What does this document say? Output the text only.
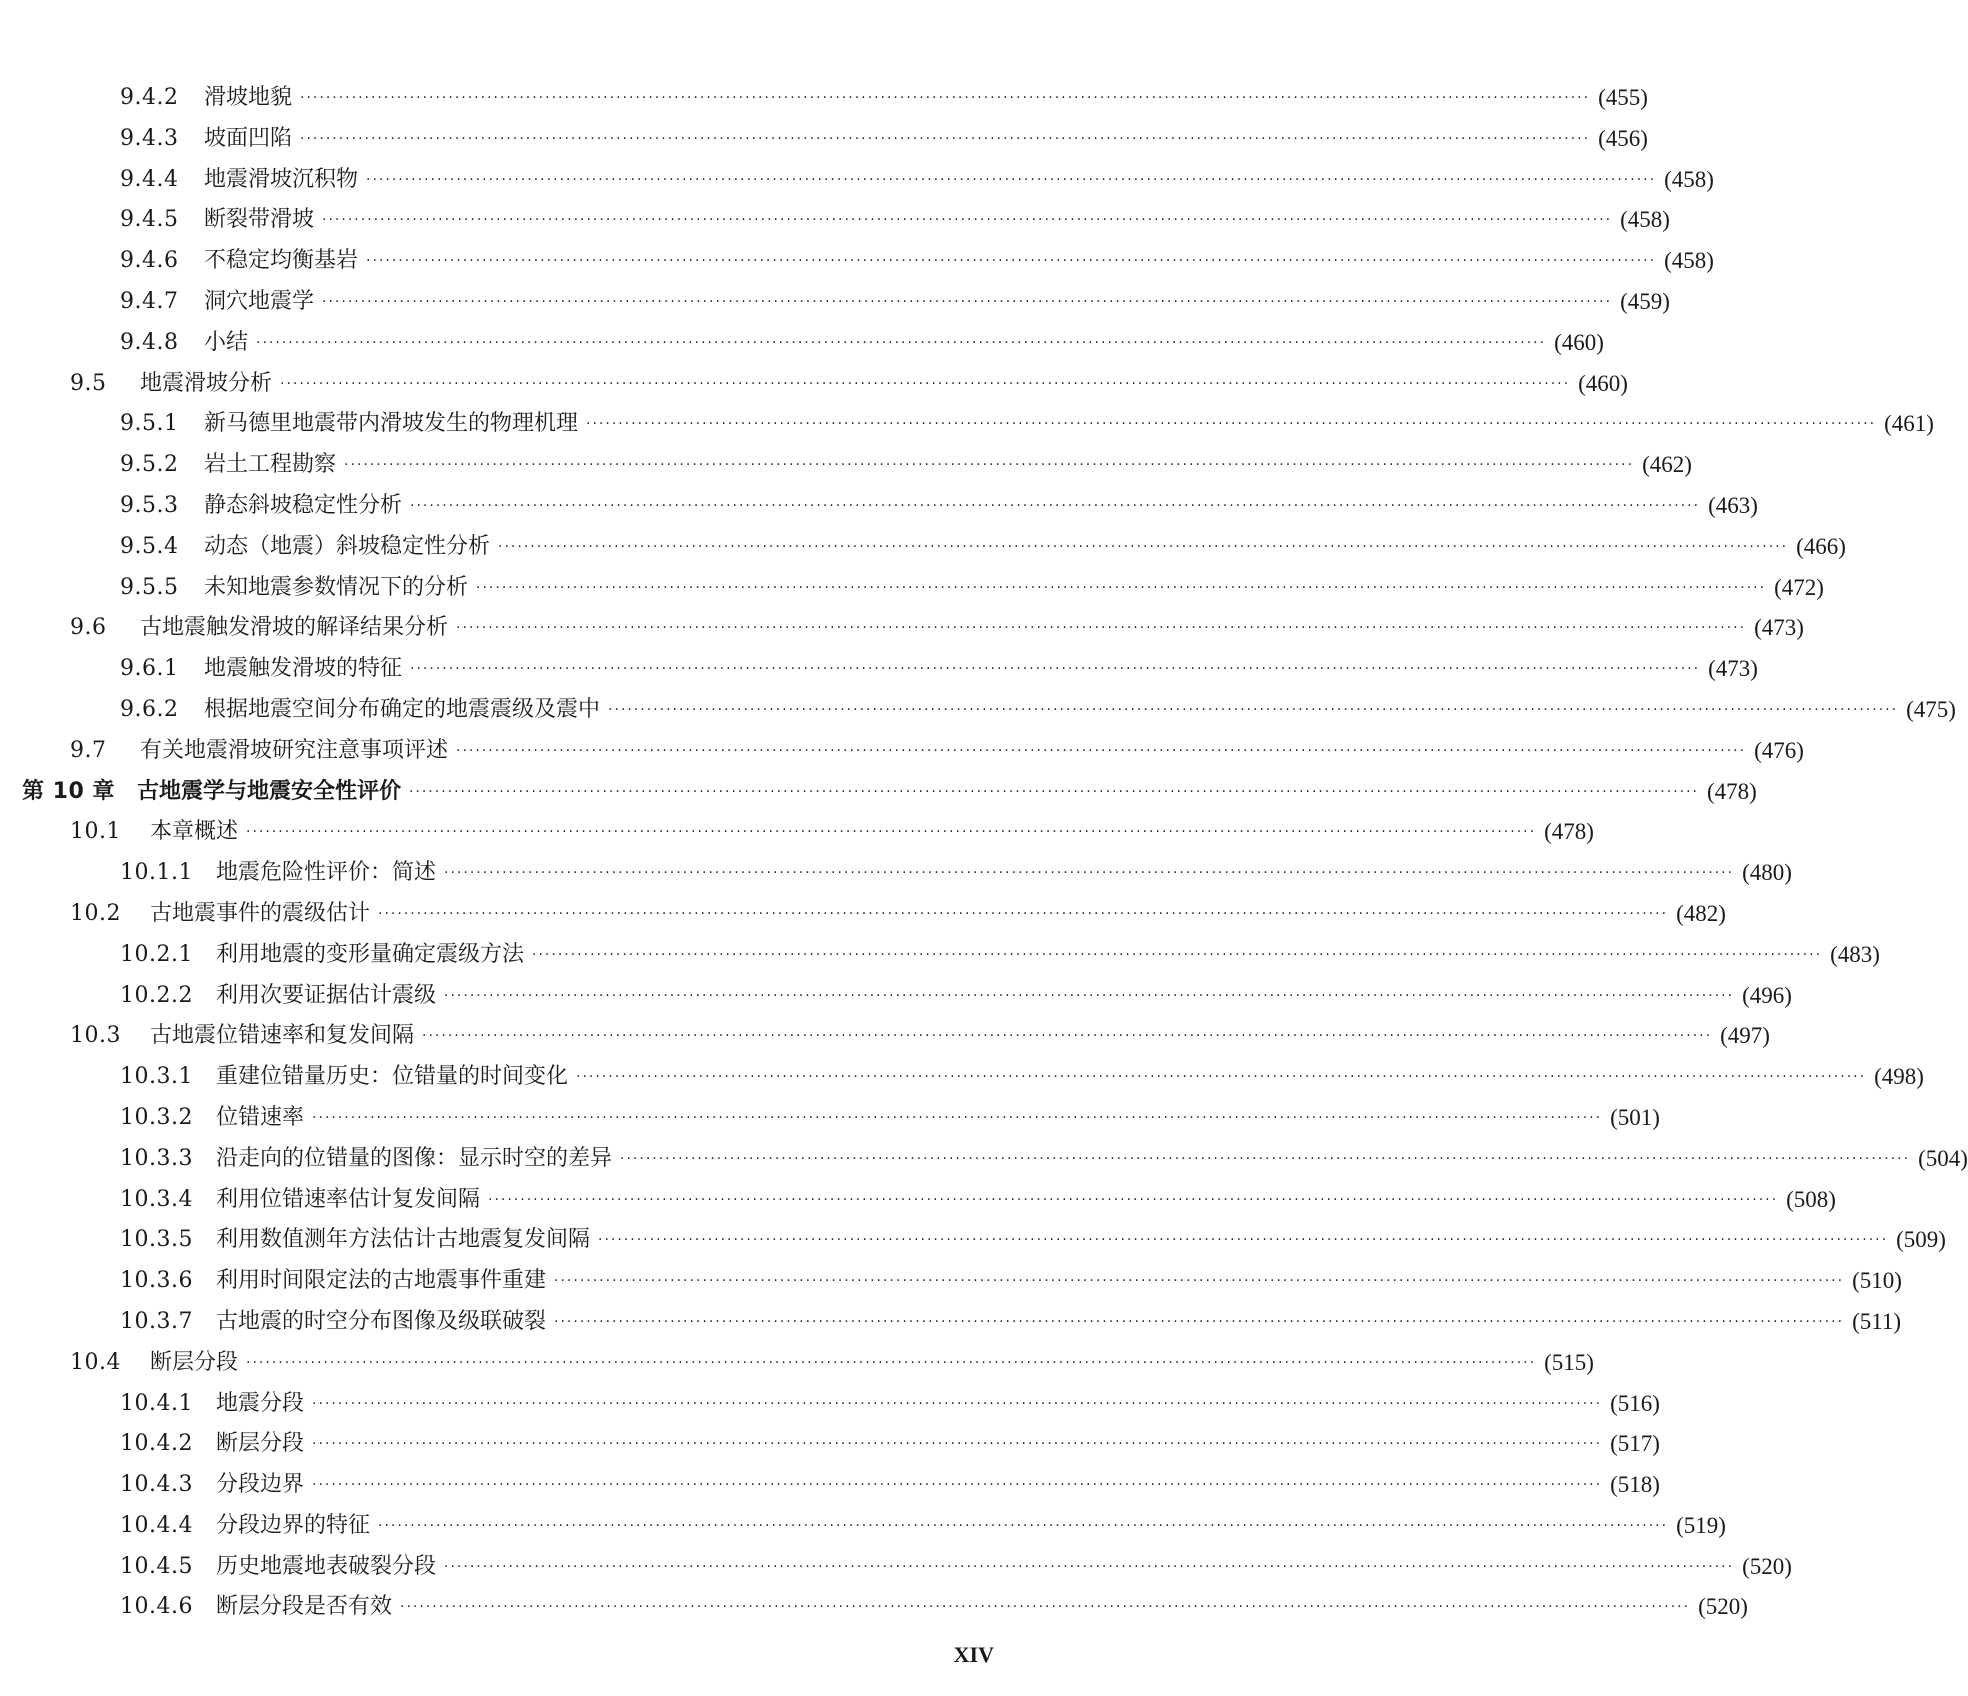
9.4.2	滑坡地貌 ········································································································································································································ (455)
9.4.3	坡面凹陷 ········································································································································································································ (456)
9.4.4	地震滑坡沉积物 ········································································································································································································ (458)
9.4.5	断裂带滑坡 ········································································································································································································ (458)
9.4.6	不稳定均衡基岩 ········································································································································································································ (458)
9.4.7	洞穴地震学 ········································································································································································································ (459)
9.4.8	小结 ········································································································································································································ (460)
9.5	地震滑坡分析 ········································································································································································································ (460)
9.5.1	新马德里地震带内滑坡发生的物理机理 ········································································································································································································ (461)
9.5.2	岩土工程勘察 ········································································································································································································ (462)
9.5.3	静态斜坡稳定性分析 ········································································································································································································ (463)
9.5.4	动态（地震）斜坡稳定性分析 ········································································································································································································ (466)
9.5.5	未知地震参数情况下的分析 ········································································································································································································ (472)
9.6	古地震触发滑坡的解译结果分析 ········································································································································································································ (473)
9.6.1	地震触发滑坡的特征 ········································································································································································································ (473)
9.6.2	根据地震空间分布确定的地震震级及震中 ········································································································································································································ (475)
9.7	有关地震滑坡研究注意事项评述 ········································································································································································································ (476)
第 10 章	古地震学与地震安全性评价 ········································································································································································································ (478)
10.1	本章概述 ········································································································································································································ (478)
10.1.1	地震危险性评价：简述 ········································································································································································································ (480)
10.2	古地震事件的震级估计 ········································································································································································································ (482)
10.2.1	利用地震的变形量确定震级方法 ········································································································································································································ (483)
10.2.2	利用次要证据估计震级 ········································································································································································································ (496)
10.3	古地震位错速率和复发间隔 ········································································································································································································ (497)
10.3.1	重建位错量历史：位错量的时间变化 ········································································································································································································ (498)
10.3.2	位错速率 ········································································································································································································ (501)
10.3.3	沿走向的位错量的图像：显示时空的差异 ········································································································································································································ (504)
10.3.4	利用位错速率估计复发间隔 ········································································································································································································ (508)
10.3.5	利用数值测年方法估计古地震复发间隔 ········································································································································································································ (509)
10.3.6	利用时间限定法的古地震事件重建 ········································································································································································································ (510)
10.3.7	古地震的时空分布图像及级联破裂 ········································································································································································································ (511)
10.4	断层分段 ········································································································································································································ (515)
10.4.1	地震分段 ········································································································································································································ (516)
10.4.2	断层分段 ········································································································································································································ (517)
10.4.3	分段边界 ········································································································································································································ (518)
10.4.4	分段边界的特征 ········································································································································································································ (519)
10.4.5	历史地震地表破裂分段 ········································································································································································································ (520)
10.4.6	断层分段是否有效 ········································································································································································································ (520)
XIV
